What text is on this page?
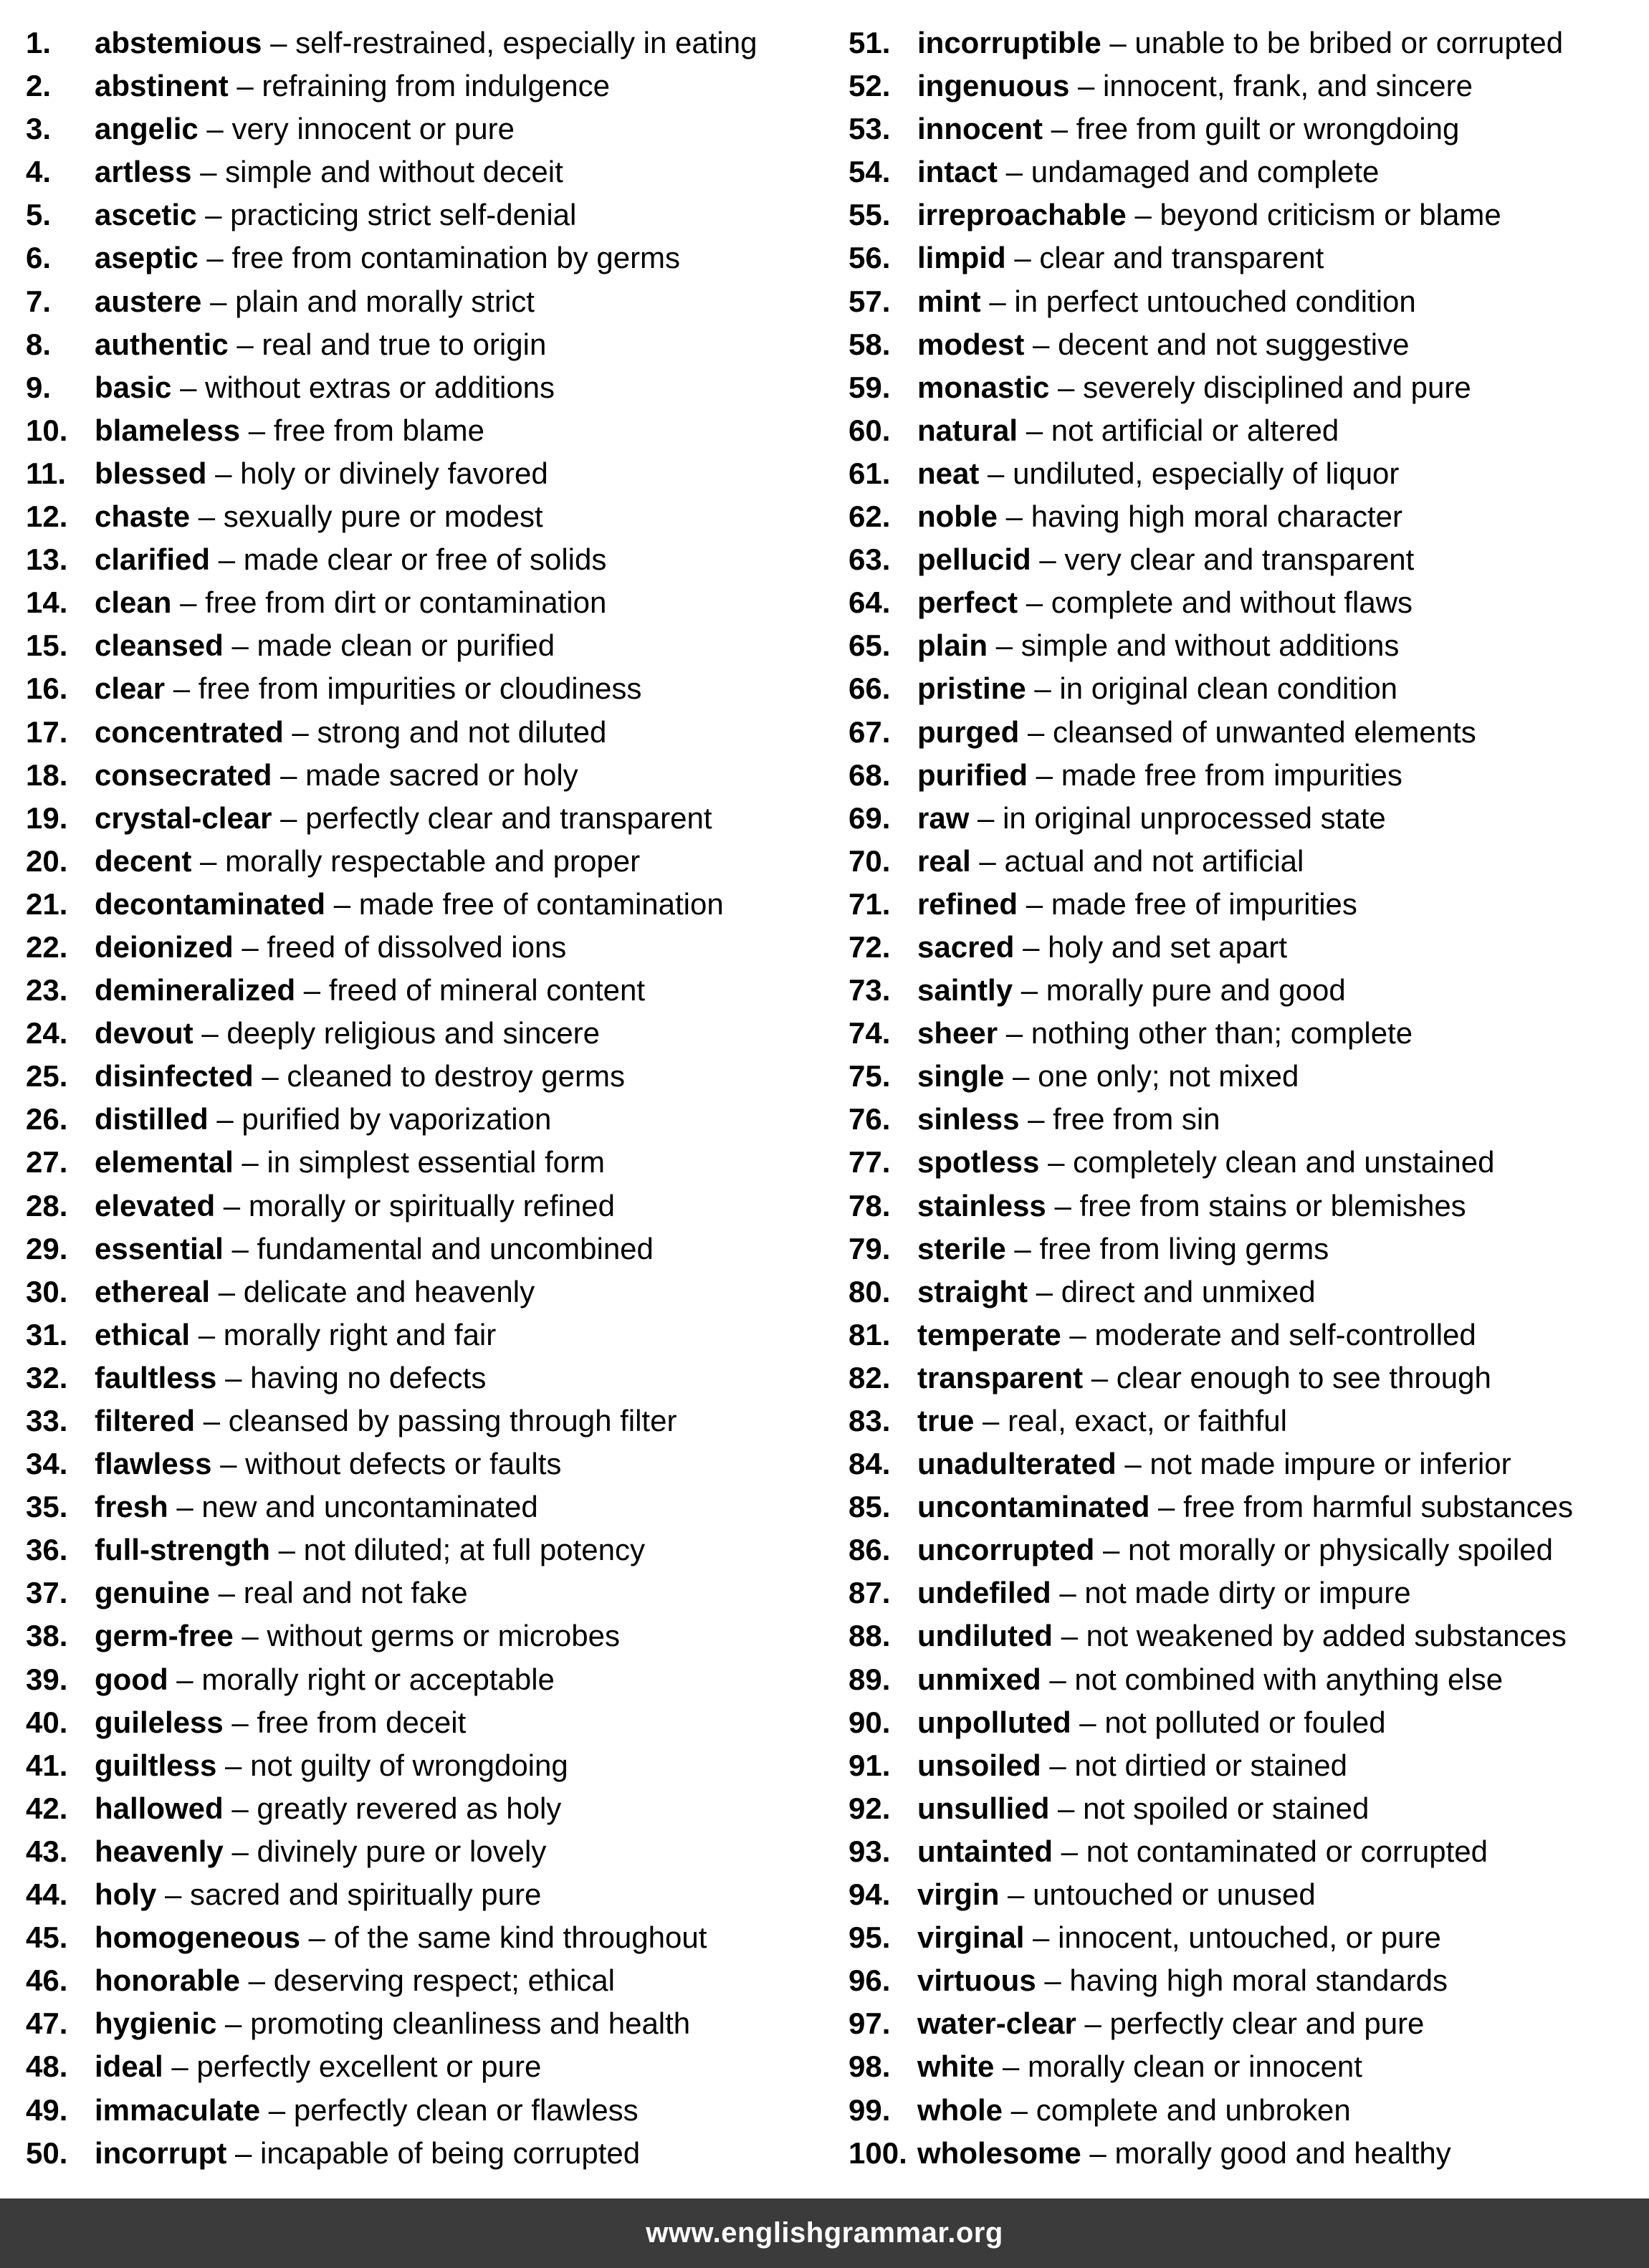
1. abstemious – self-restrained, especially in eating
2. abstinent – refraining from indulgence
3. angelic – very innocent or pure
4. artless – simple and without deceit
5. ascetic – practicing strict self-denial
6. aseptic – free from contamination by germs
7. austere – plain and morally strict
8. authentic – real and true to origin
9. basic – without extras or additions
10. blameless – free from blame
11. blessed – holy or divinely favored
12. chaste – sexually pure or modest
13. clarified – made clear or free of solids
14. clean – free from dirt or contamination
15. cleansed – made clean or purified
16. clear – free from impurities or cloudiness
17. concentrated – strong and not diluted
18. consecrated – made sacred or holy
19. crystal-clear – perfectly clear and transparent
20. decent – morally respectable and proper
21. decontaminated – made free of contamination
22. deionized – freed of dissolved ions
23. demineralized – freed of mineral content
24. devout – deeply religious and sincere
25. disinfected – cleaned to destroy germs
26. distilled – purified by vaporization
27. elemental – in simplest essential form
28. elevated – morally or spiritually refined
29. essential – fundamental and uncombined
30. ethereal – delicate and heavenly
31. ethical – morally right and fair
32. faultless – having no defects
33. filtered – cleansed by passing through filter
34. flawless – without defects or faults
35. fresh – new and uncontaminated
36. full-strength – not diluted; at full potency
37. genuine – real and not fake
38. germ-free – without germs or microbes
39. good – morally right or acceptable
40. guileless – free from deceit
41. guiltless – not guilty of wrongdoing
42. hallowed – greatly revered as holy
43. heavenly – divinely pure or lovely
44. holy – sacred and spiritually pure
45. homogeneous – of the same kind throughout
46. honorable – deserving respect; ethical
47. hygienic – promoting cleanliness and health
48. ideal – perfectly excellent or pure
49. immaculate – perfectly clean or flawless
50. incorrupt – incapable of being corrupted
51. incorruptible – unable to be bribed or corrupted
52. ingenuous – innocent, frank, and sincere
53. innocent – free from guilt or wrongdoing
54. intact – undamaged and complete
55. irreproachable – beyond criticism or blame
56. limpid – clear and transparent
57. mint – in perfect untouched condition
58. modest – decent and not suggestive
59. monastic – severely disciplined and pure
60. natural – not artificial or altered
61. neat – undiluted, especially of liquor
62. noble – having high moral character
63. pellucid – very clear and transparent
64. perfect – complete and without flaws
65. plain – simple and without additions
66. pristine – in original clean condition
67. purged – cleansed of unwanted elements
68. purified – made free from impurities
69. raw – in original unprocessed state
70. real – actual and not artificial
71. refined – made free of impurities
72. sacred – holy and set apart
73. saintly – morally pure and good
74. sheer – nothing other than; complete
75. single – one only; not mixed
76. sinless – free from sin
77. spotless – completely clean and unstained
78. stainless – free from stains or blemishes
79. sterile – free from living germs
80. straight – direct and unmixed
81. temperate – moderate and self-controlled
82. transparent – clear enough to see through
83. true – real, exact, or faithful
84. unadulterated – not made impure or inferior
85. uncontaminated – free from harmful substances
86. uncorrupted – not morally or physically spoiled
87. undefiled – not made dirty or impure
88. undiluted – not weakened by added substances
89. unmixed – not combined with anything else
90. unpolluted – not polluted or fouled
91. unsoiled – not dirtied or stained
92. unsullied – not spoiled or stained
93. untainted – not contaminated or corrupted
94. virgin – untouched or unused
95. virginal – innocent, untouched, or pure
96. virtuous – having high moral standards
97. water-clear – perfectly clear and pure
98. white – morally clean or innocent
99. whole – complete and unbroken
100. wholesome – morally good and healthy
www.englishgrammar.org
